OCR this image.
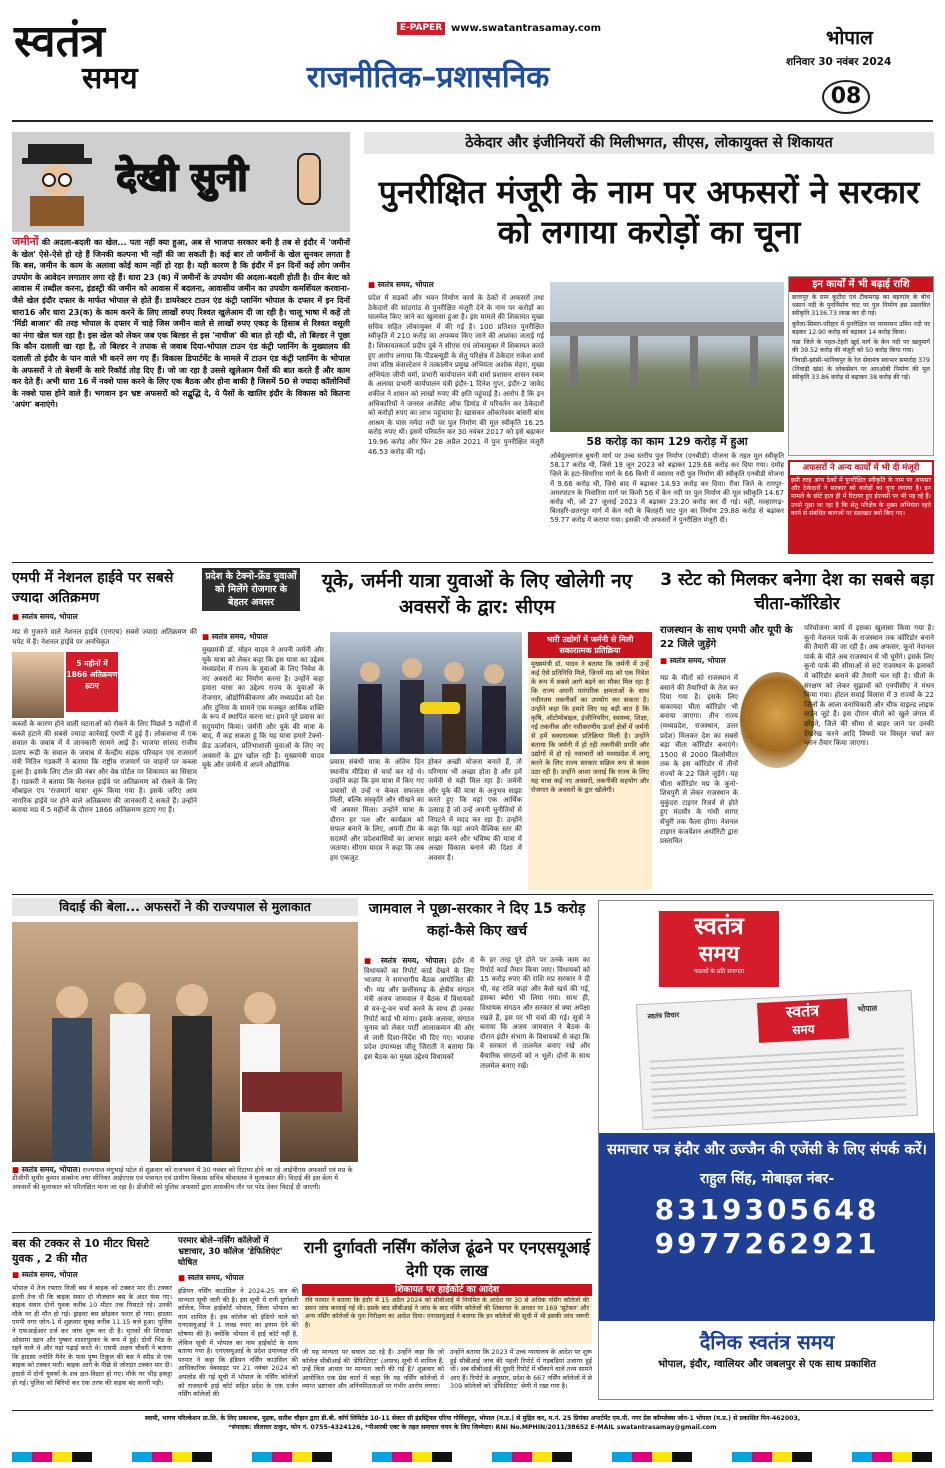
स्वतंत्र
समय
E-PAPER www.swatantrasamay.com
राजनीतिक–प्रशासनिक
भोपाल
शनिवार 30 नवंबर 2024
08
देखी सुनी
जमीनों की अदला-बदली का खेल... पता नहीं क्या हुआ, अब से भाजपा सरकार बनी है तब से इंदौर में 'जमीनों के खेल' ऐसे-ऐसे हो रहे हैं जिनकी कल्पना भी नहीं की जा सकती है। कई बार तो जमीनों के खेल सुनकर लगता है कि बस, जमीन के काम के अलावा कोई काम नहीं हो रहा है। यही कारण है कि इंदौर में इन दिनों कई लोग जमीन उपयोग के आवेदन लगातार लगा रहे हैं। धारा 23 (क) में जमीनों के उपयोग की अदला-बदली होती है। ग्रीन बेल्ट को आवास में तब्दील करना, इंडस्ट्री की जमीन को आवास में बदलना, आवासीय जमीन का उपयोग कमर्शियल करवाना- जैसे खेल इंदौर दफ्तर के मार्फत भोपाल से होते हैं। डायरेक्टर टाउन एंड कंट्री प्लानिंग भोपाल के दफ्तर में इन दिनों धारा16 और धारा 23(क) के काम करने के लिए लाखों रुपए रिश्वत खुलेआम दी जा रही है। चालू भाषा में कहें तो 'मिंडी बाजार' की तरह भोपाल के दफ्तर में चाहे जिस जमीन वाले से लाखों रुपए एकड़ के हिसाब से रिश्वत वसूली का नंगा खेल चल रहा है। इस खेल को लेकर जब एक बिल्डर से इस 'नाचीज' की बात हो रही थी, तो बिल्डर ने पूछा कि कौन दलाली खा रहा है, तो बिल्डर ने तपाक से जवाब दिया-भोपाल टाउन एंड कंट्री प्लानिंग के मुख्यालय की दलाली तो इंदौर के पान वाले भी करने लग गए हैं। विकास डिपार्टमेंट के मामले में टाउन एंड कंट्री प्लानिंग के भोपाल के अफसरों ने तो बेशर्मी के सारे रिकॉर्ड तोड़ दिए हैं। जो जा रहा है उससे खुलेआम पैसों की बात करते हैं और काम कर देते हैं। अभी धारा 16 में नक्शे पास करने के लिए एक बैठक और होना बाकी है जिसमें 50 से ज्यादा कॉलोनियों के नक्शे पास होने वाले हैं। भगवान इन भ्रष्ट अफसरों को सद्बुद्धि दे, ये पैसों के खातिर इंदौर के विकास को कितना 'अपंग' बनाएंगे।
ठेकेदार और इंजीनियरों की मिलीभगत, सीएस, लोकायुक्त से शिकायत
पुनरीक्षित मंजूरी के नाम पर अफसरों ने सरकार को लगाया करोड़ों का चूना
■ स्वतंत्र समय, भोपाल
प्रदेश में सड़कों और भवन निर्माण कार्य के ठेकों में अफसरों तथा ठेकेदारों की सांठगांठ से पुनरीक्षित मंजूरी देने के नाम पर करोड़ों का घालमेल किए जाने का खुलासा हुआ है। इस मामले की शिकायत मुख्य सचिव सहित लोकायुक्त में की गई है। 100 प्रतिशत पुनरीक्षित स्वीकृति में 210 करोड़ का अपव्यय किए जाने की आशंका जताई गई है। शिकायतकर्ता प्रदीप दुबे ने सीएस एवं लोकायुक्त में शिकायत करते हुए आरोप लगाया कि पीडब्ल्यूडी के सेतु परिक्षेत्र में ठेकेदार राकेश शर्मा तथा वरिष्ठ कंसल्टेशन ने तत्कालीन प्रमुख अभियंता अशोक मेहरा, मुख्य अभियंता जीपी वर्मा, प्रभारी कार्यपालन यंत्री शर्मा प्रशासन शासन रकम के अलावा प्रभारी कार्यपालन यंत्री इंदौर-1 दिनेश गुप्त, इंदौर-2 जावेद शकील ने शासन को लाखों रुपए की क्षति पहुंचाई है। आरोप है कि इन अधिकारियों ने जनरल अर्जेंसेट ऑफ डिमांड में परिवर्तन कर ठेकेदारों को करोड़ों रुपए का लाभ पहुंचाया है। खासकर ओंकारेश्वर बांसरी बांध आश्रम के पास नर्मदा नदी पर पुल निर्माण की मूल स्वीकृति 16.25 करोड़ रुपए थी। इसमें परिवर्तन कर 30 नवंबर 2017 को इसे बढ़ाकर 19.96 करोड़ और फिर 28 अप्रैल 2021 में पुनः पुनरीक्षित मंजूरी 46.53 करोड़ की गई।
58 करोड़ का काम 129 करोड़ में हुआ
ओबेदुल्लागंज बुधनी मार्ग पर उच्च स्तरीय पुल निर्माण (एनबीडी) योजना के तहत मूल स्वीकृति 58.17 करोड़ थी, जिसे 19 जून 2023 को बढ़ाकर 129.68 करोड़ कर दिया गया। दमोह जिले के हटा-सिमरिया मार्ग के 66 किमी में व्यारमा नदी पुल निर्माण की स्वीकृति एनबीडी योजना में 9.66 करोड़ थी, जिसे बाद में बढ़ाकर 14.93 करोड़ कर दिया। रीवा जिले के रामपुर-अमरपाटन के निवारिया मार्ग पर किमी 56 में केन नदी पर पुल निर्माण की मूल स्वीकृति 14.67 करोड़ थी, जो 27 जुलाई 2023 में बढ़ाकर 23.20 करोड़ कर दी गई। वहीं, मल्हारगढ़-बिलहरि-छतरपुर मार्ग में केन नदी के बिलहरी घाट पुल का निर्माण 29.88 करोड़ से बढ़ाकर 59.77 करोड़ में कराया गया। इसकी भी अफसरों ने पुनरीक्षित मंजूरी दी।
इन कार्यों में भी बढ़ाई राशि
छतरपुर के ग्राम कुटीरा एवं टीकमगढ़ का बड़ागांव के बीच धसान नदी के पुनर्निर्माण घाट पर पुल निर्माण इस प्रस्तावित स्वीकृति 3136.73 लाख कर दी गई।
कुरैला-सिमरा-परिहार में पुनरीक्षित पर परमरमन उमिन नदी पर बढ़कर 12.90 करोड़ को बढ़ाकर 14 करोड़ किया।
पन्ना जिले के पहल-टेहरी खुर्द मार्ग के केन नदी पर खलुमार्ग की 39.52 करोड़ की मंजूरी को 50 करोड़ किया गया।
निवाड़ी-झांसी-भानिकपुर के रेल सेवामंत्र स्वाभार समारोह 379 (निवाड़ी खंड) के लोकसेवन पर आरओबी निर्माण की मूल स्वीकृति 33.86 करोड़ से बढ़ाकर 38 करोड़ की गई।
अफसरों ने अन्य कार्यों में भी दी मंजूरी
इसी तरह अन्य ठेकों में पुनरीक्षित स्वीकृति के नाम पर अफसर और ठेकेदारों ने सरकार को करोड़ों का चूना लगाया है। इन मामले के छोटे हाल ही में रिटायर हुए ईएनसी पर भी पड़ रहे हैं। उनसे पूछा जा रहा है कि सेतु परिक्षेत्र के मुख्य अभियंता रहते कार्य से संबंधित कागजों पर दस्तखत क्यों किए गए।
एमपी में नेशनल हाईवे पर सबसे ज्यादा अतिक्रमण
■ स्वतंत्र समय, भोपाल
मप्र से गुजरने वाले नेशनल हाईवे (एनएच) सबसे ज्यादा अतिक्रमण की चपेट में हैं। नेशनल हाईवे पर अनधिकृत
5 महीनों में 1866 अतिक्रमण हटाए
कब्जों के कारण होने वाली घटनाओं को रोकने के लिए पिछले 5 महीनों में कब्जे हटाने की सबसे ज्यादा कार्रवाई एमपी में हुई है। लोकसभा में एक सवाल के जवाब में ये जानकारी सामने आई है। भाजपा सांसद राजीव प्रताप रूडी के सवाल के जवाब में केन्द्रीय सड़क परिवहन एवं राजमार्ग मंत्री नितिन गडकरी ने बताया कि राष्ट्रीय राजमार्ग पर वाहनों पर कब्जा हुआ है। इसके लिए टोल फ्री नंबर और वेब पोर्टल पर शिकायत का सिस्टम है। गडकरी ने बताया कि नेशनल हाईवे पर अतिक्रमण को रोकने के लिए मोबाइल एप 'राजमार्ग यात्रा' शुरू किया गया है। इसके जरिए आम नागरिक हाईवे पर होने वाले अतिक्रमण की जानकारी दे सकते हैं। उन्होंने बताया मप्र में 5 महीनों के दौरान 1866 अतिक्रमण हटाए गए हैं।
प्रदेश के टेक्नो-फ्रेंड युवाओं को मिलेंगे रोजगार के बेहतर अवसर
यूके, जर्मनी यात्रा युवाओं के लिए खोलेगी नए अवसरों के द्वार: सीएम
■ स्वतंत्र समय, भोपाल
मुख्यमंत्री डॉ. मोहन यादव ने अपनी जर्मनी और यूके यात्रा को लेकर कहा कि इस यात्रा का उद्देश्य मध्यप्रदेश में राज्य के युवाओं के लिए निवेश के नए अवसरों का निर्माण करना है। उन्होंने कहा हमारा यात्रा का उद्देश्य राज्य के युवाओं के रोजगार, औद्योगिकीकरण और मध्यप्रदेश को देश और दुनिया के सामने एक मजबूत आर्थिक शक्ति के रूप में स्थापित करना था। हमने पूरे प्रवास का सदुपयोग किया। जर्मनी और यूके की यात्रा के बाद, मैं कह सकता हूं कि यह यात्रा हमारे टेक्नो-फ्रेंड ऊर्जावान, प्रतिभाशाली युवाओं के लिए नए अवसरों के द्वार खोल रही है। मुख्यमंत्री यादव यूके और जर्मनी में अपने औद्योगिक	प्रवास संबंधी यात्रा के अंतिम दिन स्थानीय मीडिया से चर्चा कर रहे थे। उन्होंने कहा कि हम यात्रा में किए गए प्रयासों से उन्हें न केवल सफलता मिली, बल्कि संस्कृति और सीखने का भी अवसर मिला। उन्होंने यात्रा के दौरान हर पल और कार्यक्रम को सफल बनाने के लिए, अपनी टीम के सदस्यों और प्रदेशवासियों का आभार जताया। सीएम यादव ने कहा कि जब हम एकजुट
होकर अच्छी योजना बनाते हैं, तो परिणाम भी अच्छा होता है और हमें जर्मनी से यही मिल रहा है। जर्मनी और यूके की यात्रा के अनुभव साझा करते हुए कि यहां एक आर्थिक उत्साह है जो उन्हें अपनी चुनौतियों से निपटने में मदद कर रहा है। उन्होंने कहा कि यहां अपने वैश्विक स्तर की साझा करने और भविष्य की यात्रा में अच्छा विकास बनाने की दिशा में अवसर हैं।
भारी उद्योगों में जर्मनी से मिली सकारात्मक प्रतिक्रिया
मुख्यमंत्री डॉ. यादव ने बताया कि जर्मनी में उन्हें कई ऐसे प्रतिनिधि मिले, जिनमें मप्र को एक निवेश के रूप में सबसे आगे बढ़ने का मौका मिल रहा है कि राज्य अपनी पारंपरिक क्षमताओं के साथ नवीनतम तकनीकों का उपयोग कर सकता है। उन्होंने कहा कि हमारे लिए यह बड़ी बात है कि कृषि, ऑटोमोबाइल, इंजीनियरिंग, स्वास्थ्य, शिक्षा, नई तकनीक और नवीकरणीय ऊर्जा क्षेत्रों में जर्मनी से हमें सकारात्मक प्रतिक्रिया मिली है। उन्होंने बताया कि जर्मनी में हो रही तकनीकी प्रगति और उद्योगों में हो रहे नवाचारों को मध्यप्रदेश में लागू करने के लिए राज्य सरकार सक्रिय रूप से कदम उठा रही है। उन्होंने आशा जताई कि राज्य के लिए यह यात्रा कई नए अवसरों, तकनीकी सहयोग और रोजगार के अवसरों के द्वार खोलेगी।
3 स्टेट को मिलकर बनेगा देश का सबसे बड़ा चीता-कॉरिडोर
राजस्थान के साथ एमपी और यूपी के 22 जिले जुड़ेंगे
■ स्वतंत्र समय, भोपाल
मप्र के चीतों को राजस्थान में बसाने की तैयारियों के तेज कर दिया गया है। इसके लिए बाकायदा चीता कॉरिडोर भी बनाया जाएगा। तीन राज्य (मध्यप्रदेश, राजस्थान, उत्तर प्रदेश) मिलकर देश का सबसे बड़ा चीता कॉरिडोर बनाएंगे। 1500 से 2000 किलोमीटर तक के इस कॉरिडोर में तीनों राज्यों के 22 जिले जुड़ेंगे। यह चीता कॉरिडोर मप्र के कूनो-शिवपुरी से लेकर राजस्थान के मुकुंदरा टाइगर रिजर्व से होते हुए मंदसौर के गांधी सागर सेंचुरी तक फैला होगा। नेशनल टाइगर कंजर्वेशन अथॉरिटी द्वारा प्रस्तावित
परियोजना कार्य में इसका खुलासा किया गया है। कूनो नेशनल पार्क के राजस्थान तक कॉरिडोर बनाने की तैयारी की जा रही है। अब अफसर, कूनो नेशनल पार्क के चीते अब राजस्थान में भी घूमेंगे। इसके लिए कूनो पार्क की सीमाओं से सटे राजस्थान के इलाकों में कॉरिडोर बनाने की तैयारी चल रही है। चीतों के संरक्षण को लेकर सुझावों को एनपीसीए ने मंथन किया गया। होटल सवाई विलास में 3 राज्यों के 22 जिलों के आला वनाधिकारी और चीफ वाइल्ड लाइफ वार्डन जुटे हैं। इस दौरान चीतों को खुले जंगल में छोड़ने, जिले की सीमा से बाहर जाने पर उनकी देखरेख करने आदि विषयों पर विस्तृत चर्चा कर प्लान तैयार किया जाएगा।
विदाई की बेला... अफसरों ने की राज्यपाल से मुलाकात
■ स्वतंत्र समय, भोपाल। राज्यपाल मंगुभाई पटेल से शुक्रवार को राजभवन में 30 नवंबर को रिटायर होने जा रहे आईपीएस अफसरों एवं मप्र के डीजीपी सुधीर कुमार सक्सेना तथा सीनियर आईएएस एवं पंचायत एवं ग्रामीण विकास सचिव श्रीवास्तव ने मुलाकात की। विदाई की इस बेला में अफसरों की मुलाकात को परिलक्षित माना जा रहा है। डीजीपी को पुलिस अफसरों द्वारा शासकीय तौर पर परेड देकर विदाई दी जाएगी।
जामवाल ने पूछा-सरकार ने दिए 15 करोड़ कहां-कैसे किए खर्च
■ स्वतंत्र समय, भोपाल। इंदौर में विधायकों का रिपोर्ट कार्ड देखने के लिए भाजपा ने समभागीय बैठक आयोजित की थी। मप्र और छत्तीसगढ़ के क्षेत्रीय संगठन मंत्री अजय जामवाल ने बैठक में विधायकों से वन-टू-वन चर्चा करने के साथ ही उनका रिपोर्ट कार्ड भी मांगा। इसके अलावा, संगठन चुनाव को लेकर पार्टी आलाकमान की ओर से जारी दिशा-निर्देश भी दिए गए। भाजपा प्रदेश उपाध्यक्ष जीतू जिराती ने बताया कि इस बैठक का मुख्य उद्देश्य विधायकों
के हर तरह पूरे होने पर उनके काम का रिपोर्ट कार्ड तैयार किया जाए। विधायकों को 15 करोड़ रुपए की राशि मप्र सरकार ने दी थी, यह राशि कहां और कैसे खर्च की गई, इसका ब्योरा भी लिया गया। साथ ही, विधायक संगठन और सरकार से क्या अपेक्षा रखते हैं, इस पर भी चर्चा की गई। सूत्रों ने बताया कि अजय जामवाल ने बैठक के दौरान इंदौर संभाग के विधायकों से कहा कि वे सरकार से तालमेल बनाए रखें और बैचारिक संगठनों को न भूलें। दोनों के साथ तालमेल बनाए रखें।
स्वतंत्र
समय
पाठकों के प्रति सजगता
स्वतंत्र विचार	स्वतंत्र
समय
भोपाल
समाचार पत्र इंदौर और उज्जैन की एजेंसी के लिए संपर्क करें।
राहुल सिंह, मोबाइल नंबर-
8319305648
9977262921
दैनिक स्वतंत्र समय
भोपाल, इंदौर, ग्वालियर और जबलपुर से एक साथ प्रकाशित
बस की टक्कर से 10 मीटर घिसटे युवक , 2 की मौत
■ स्वतंत्र समय, भोपाल
भोपाल में तेज रफ्तार निजी बस ने बाइक को टक्कर मार दी। टक्कर इतनी तेज थी कि बाइक सवार दो नौजवान बस के अंदर फंस गए। बाइक सवार दोनों युवक करीब 10 मीटर तक घिसटते रहे। उनकी मौके पर ही मौत हो गई। ड्राइवर बस छोड़कर फरार हो गया। हादसा एमपी नगर जोन-1 में शुक्रवार सुबह करीब 11.15 बजे हुआ। पुलिस ने एफआईआर दर्ज कर जांच शुरू कर दी है। मृतकों की शिनाख्त ओसामा खान और पुष्कर शाशापुरकर के रूप में हुई। दोनों भिंड के रहने वाले थे और यहां पढ़ाई करते थे। एसपी अक्षय चौधरी ने बताया कि हादसा ज्योति मैनेर के पास पुष्प टिकुल की बस ने स्पीड से एक बाइक को टक्कर मारी। बाइक आगे के पीछे से जोरदार टक्कर मार दी। हादसे में दोनों युवकों के शव क्षत-विक्षत हो गए। मौके पर भीड़ इकट्ठा हो गई। पुलिस को बिरियों कर एक तरफ की सड़क बंद करनी पड़ी।
परमार बोले–नर्सिंग कॉलेजों में भ्रष्टाचार, 30 कॉलेज 'डेफिशिएंट' घोषित
■ स्वतंत्र समय, भोपाल
इंडियन नर्सिंग काउंसिल ने 2024-25 सत्र की मान्यता सूची जारी की है। इस सूची में रानी दुर्गावती कॉलेज, निंपर हाईकोर्ट भोपाल, जिला भोपाल का नाम शामिल है। इस कॉलेज को इंडिगो वाले को एनएसयूआई ने 1 लाख रुपए का इनाम देने की घोषणा की है। क्योंकि भोपाल में हाई कोर्ट नहीं है, लेकिन सूची में भोपाल का नाम हाईकोर्ट के साथ बताया गया है। एनएसयूआई के प्रदेश उपाध्यक्ष रवि परमार ने कहा कि इंडियन नर्सिंग काउंसिल की आधिकारिक वेबसाइट पर 21 नवंबर 2024 को अपलोड की गई सूची में भोपाल के नर्सिंग कॉलेजों को राजधानी हाई कोर्ट सहित प्रदेश के एक दर्जन नर्सिंग कॉलेजों की
रानी दुर्गावती नर्सिंग कॉलेज ढूंढने पर एनएसयूआई देगी एक लाख
शिकायत पर हाईकोर्ट का आदेश
रवि परमार ने बताया कि इंदौर में 15 अप्रैल 2024 को सीबीआई में नियमित के आदेश पर 30 से अधिक नर्सिंग कॉलेजों की सघन जांच करवाई गई थी। इसके बाद सीबीआई ने जांच के बाद नर्सिंग कॉलेजों की शिकायत के आधार पर 169 'सूटेबल' और अन्य नर्सिंग कॉलेजों के पुनः निरीक्षण का आदेश दिया। एनएसयूआई ने बताया कि इन कॉलेजों की सूची में भी इसकी जांच जरूरी है।
जी यह मान्यता पर सवाल उठ रहे हैं। उन्होंने कहा कि जो कॉलेज सीबीआई की 'डेफिशिएंट' (अपात्र) सूची में शामिल हैं, उन्हें किस आधार पर मान्यता जारी की गई है? शुक्रवार को आयोजित एक प्रेस वार्ता में कहा कि यह नर्सिंग कॉलेजों में व्याप्त भ्रष्टाचार और अनियमितताओं पर गंभीर आरोप लगाए।
उन्होंने बताया कि 2023 में उच्च न्यायालय के आदेश पर शुरू हुई सीबीआई जांच की पहली रिपोर्ट में गड़बड़ियां उजागर हुई थीं। अब सीबीआई की दूसरी रिपोर्ट में चौंकाने वाले तथ्य सामने आए हैं। रिपोर्ट के अनुसार, प्रदेश के 667 नर्सिंग कॉलेजों में से 309 कॉलेजों को 'डेफिशिएंट' श्रेणी में रखा गया है।
स्वामी, भागच परिल्केशन प्रा.लि. के लिए प्रकाशक, मुद्रक, सतीश चौहान द्वारा डी.बी. कॉर्प लिमिटेड 10-11 सेक्टर सी इंडस्ट्रियल एरिया गोविंदपुरा, भोपाल (म.प्र.) से मुद्रित कर, म.नं. 25 प्रियंका अपार्टमेंट एम.पी. नगर प्रेस कॉम्प्लेक्स जोन-1 भोपाल (म.प्र.) से प्रकाशित पिन-462003,
*संपादक: लीलाधर ठाकुर, फोन नं. 0755-4324126, *पीआरबी एक्ट के तहत समाचार चयन के लिए जिम्मेदार। RNI No.MPHIN/2011/38652 E-MAIL swatantrasamay@gmail.com
